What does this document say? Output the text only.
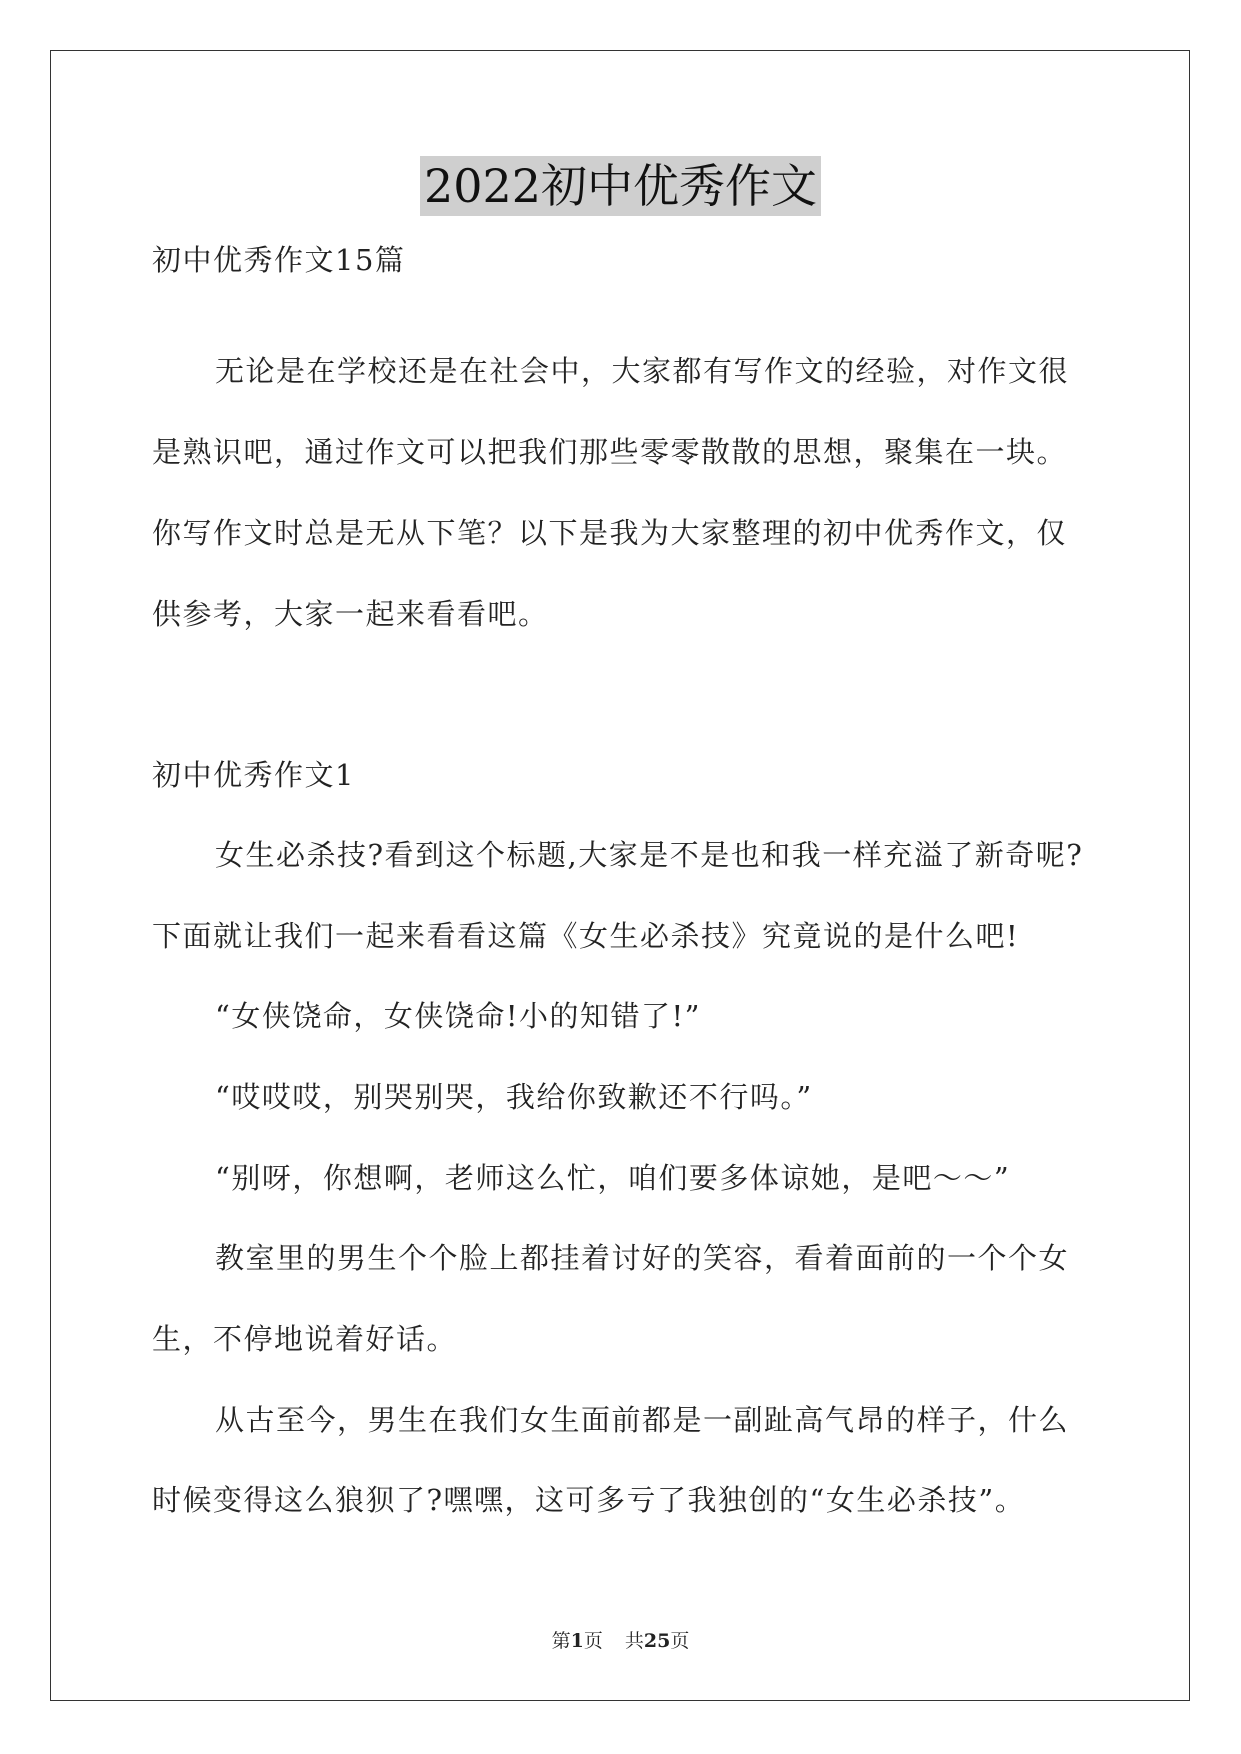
2022初中优秀作文
初中优秀作文15篇
无论是在学校还是在社会中，大家都有写作文的经验，对作文很
是熟识吧，通过作文可以把我们那些零零散散的思想，聚集在一块。
你写作文时总是无从下笔？以下是我为大家整理的初中优秀作文，仅
供参考，大家一起来看看吧。
初中优秀作文1
女生必杀技?看到这个标题,大家是不是也和我一样充溢了新奇呢?
下面就让我们一起来看看这篇《女生必杀技》究竟说的是什么吧!
“女侠饶命，女侠饶命!小的知错了!”
“哎哎哎，别哭别哭，我给你致歉还不行吗。”
“别呀，你想啊，老师这么忙，咱们要多体谅她，是吧～～”
教室里的男生个个脸上都挂着讨好的笑容，看着面前的一个个女
生，不停地说着好话。
从古至今，男生在我们女生面前都是一副趾高气昂的样子，什么
时候变得这么狼狈了?嘿嘿，这可多亏了我独创的“女生必杀技”。
第1页 共25页
